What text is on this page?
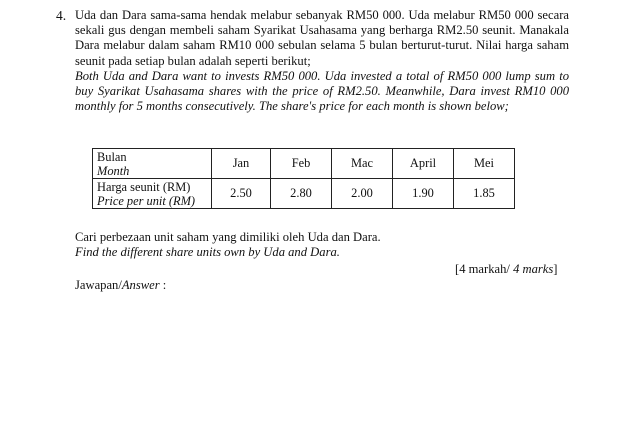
4. Uda dan Dara sama-sama hendak melabur sebanyak RM50 000. Uda melabur RM50 000 secara sekali gus dengan membeli saham Syarikat Usahasama yang berharga RM2.50 seunit. Manakala Dara melabur dalam saham RM10 000 sebulan selama 5 bulan berturut-turut. Nilai harga saham seunit pada setiap bulan adalah seperti berikut;

Both Uda and Dara want to invests RM50 000. Uda invested a total of RM50 000 lump sum to buy Syarikat Usahasama shares with the price of RM2.50. Meanwhile, Dara invest RM10 000 monthly for 5 months consecutively. The share's price for each month is shown below;

Bulan
Month	Jan	Feb	Mac	April	Mei

Harga seunit (RM)
Price per unit (RM)	2.50	2.80	2.00	1.90	1.85
Cari perbezaan unit saham yang dimiliki oleh Uda dan Dara.
Find the different share units own by Uda and Dara.
[4 markah/ 4 marks]
Jawapan/Answer :
